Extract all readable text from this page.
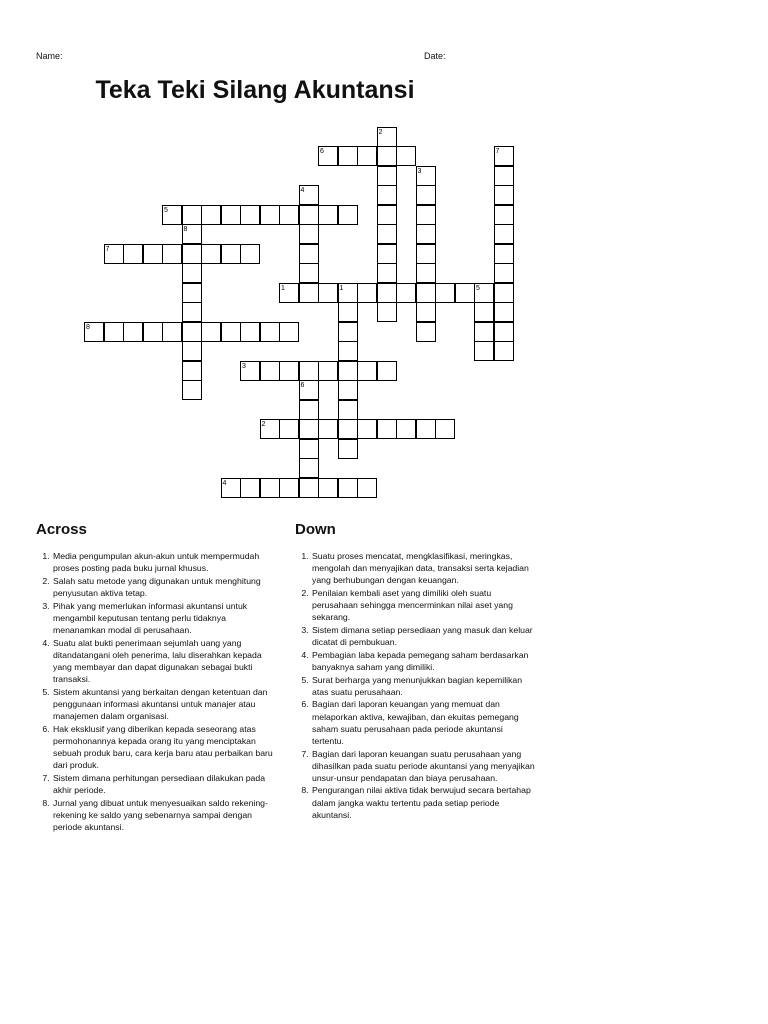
Name:	Date:
Teka Teki Silang Akuntansi
6
5
7
1
8
3
2
4
2
7
3
4
8
1	5
6
Across
1. Media pengumpulan akun-akun untuk mempermudah proses posting pada buku jurnal khusus.
2. Salah satu metode yang digunakan untuk menghitung penyusutan aktiva tetap.
3. Pihak yang memerlukan informasi akuntansi untuk mengambil keputusan tentang perlu tidaknya menanamkan modal di perusahaan.
4. Suatu alat bukti penerimaan sejumlah uang yang ditandatangani oleh penerima, lalu diserahkan kepada yang membayar dan dapat digunakan sebagai bukti transaksi.
5. Sistem akuntansi yang berkaitan dengan ketentuan dan penggunaan informasi akuntansi untuk manajer atau manajemen dalam organisasi.
6. Hak eksklusif yang diberikan kepada seseorang atas permohonannya kepada orang itu yang menciptakan sebuah produk baru, cara kerja baru atau perbaikan baru dari produk.
7. Sistem dimana perhitungan persediaan dilakukan pada akhir periode.
8. Jurnal yang dibuat untuk menyesuaikan saldo rekening-rekening ke saldo yang sebenarnya sampai dengan periode akuntansi.
Down
1. Suatu proses mencatat, mengklasifikasi, meringkas, mengolah dan menyajikan data, transaksi serta kejadian yang berhubungan dengan keuangan.
2. Penilaian kembali aset yang dimiliki oleh suatu perusahaan sehingga mencerminkan nilai aset yang sekarang.
3. Sistem dimana setiap persediaan yang masuk dan keluar dicatat di pembukuan.
4. Pembagian laba kepada pemegang saham berdasarkan banyaknya saham yang dimiliki.
5. Surat berharga yang menunjukkan bagian kepemilikan atas suatu perusahaan.
6. Bagian dari laporan keuangan yang memuat dan melaporkan aktiva, kewajiban, dan ekuitas pemegang saham suatu perusahaan pada periode akuntansi tertentu.
7. Bagian dari laporan keuangan suatu perusahaan yang dihasilkan pada suatu periode akuntansi yang menyajikan unsur-unsur pendapatan dan biaya perusahaan.
8. Pengurangan nilai aktiva tidak berwujud secara bertahap dalam jangka waktu tertentu pada setiap periode akuntansi.
